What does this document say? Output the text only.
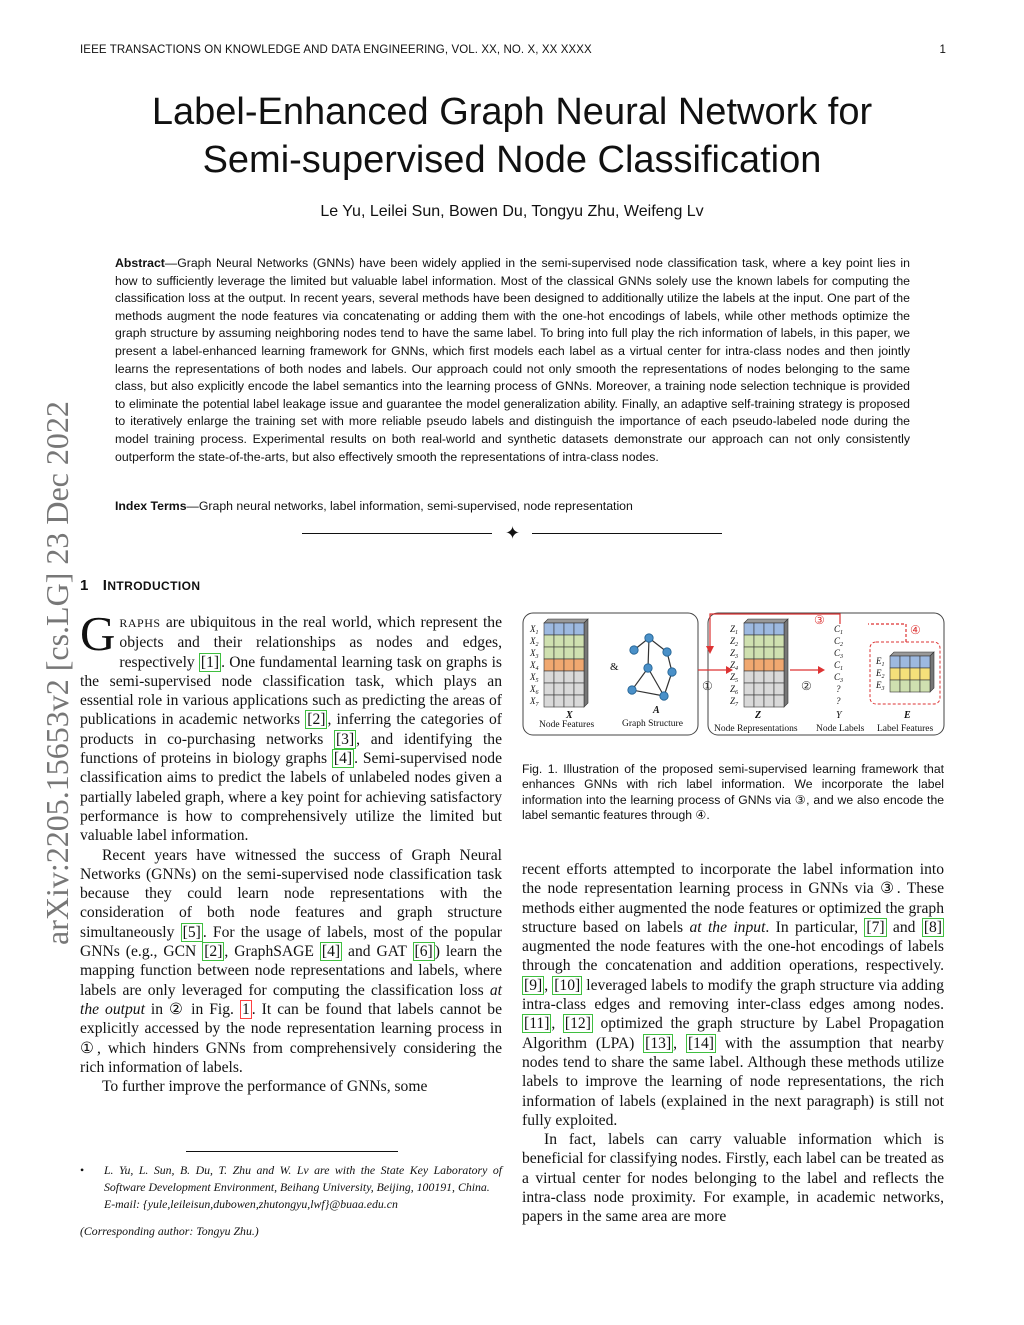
IEEE TRANSACTIONS ON KNOWLEDGE AND DATA ENGINEERING, VOL. XX, NO. X, XX XXXX	1
Label-Enhanced Graph Neural Network for
Semi-supervised Node Classification
Le Yu, Leilei Sun, Bowen Du, Tongyu Zhu, Weifeng Lv
Abstract—Graph Neural Networks (GNNs) have been widely applied in the semi-supervised node classification task, where a key point lies in how to sufficiently leverage the limited but valuable label information. Most of the classical GNNs solely use the known labels for computing the classification loss at the output. In recent years, several methods have been designed to additionally utilize the labels at the input. One part of the methods augment the node features via concatenating or adding them with the one-hot encodings of labels, while other methods optimize the graph structure by assuming neighboring nodes tend to have the same label. To bring into full play the rich information of labels, in this paper, we present a label-enhanced learning framework for GNNs, which first models each label as a virtual center for intra-class nodes and then jointly learns the representations of both nodes and labels. Our approach could not only smooth the representations of nodes belonging to the same class, but also explicitly encode the label semantics into the learning process of GNNs. Moreover, a training node selection technique is provided to eliminate the potential label leakage issue and guarantee the model generalization ability. Finally, an adaptive self-training strategy is proposed to iteratively enlarge the training set with more reliable pseudo labels and distinguish the importance of each pseudo-labeled node during the model training process. Experimental results on both real-world and synthetic datasets demonstrate our approach can not only consistently outperform the state-of-the-arts, but also effectively smooth the representations of intra-class nodes.
Index Terms—Graph neural networks, label information, semi-supervised, node representation
✦
arXiv:2205.15653v2 [cs.LG] 23 Dec 2022 1 INTRODUCTION

GRAPHS are ubiquitous in the real world, which represent the objects and their relationships as nodes and edges, respectively [1] . One fundamental learning task on graphs is the semi-supervised node classification task, which plays an essential role in various applications such as predicting the areas of publications in academic networks [2] , inferring the categories of products in co-purchasing networks [3] , and identifying the functions of proteins in biology graphs [4] . Semi-supervised node classification aims to predict the labels of unlabeled nodes given a partially labeled graph, where a key point for achieving satisfactory performance is how to comprehensively utilize the limited but valuable label information.

Recent years have witnessed the success of Graph Neural Networks (GNNs) on the semi-supervised node classification task because they could learn node representations with the consideration of both node features and graph structure simultaneously [5] . For the usage of labels, most of the popular GNNs (e.g., GCN [2] , GraphSAGE [4] and GAT [6] ) learn the mapping function between node representations and labels, where labels are only leveraged for computing the classification loss at the output in ② in Fig. 1 . It can be found that labels cannot be explicitly accessed by the node representation learning process in ①, which hinders GNNs from comprehensively considering the rich information of labels.

To further improve the performance of GNNs, some

• L. Yu, L. Sun, B. Du, T. Zhu and W. Lv are with the State Key Laboratory of Software Development Environment, Beihang University, Beijing, 100191, China.
E-mail: {yule,leileisun,dubowen,zhutongyu,lwf}@buaa.edu.cn
(Corresponding author: Tongyu Zhu.)
$X_1$
$X_2$
$X_3$
$X_4$
$X_5$
$X_6$
$X_7$
X
Node Features
&
A
Graph Structure
①
$Z_1$
$Z_2$
$Z_3$
$Z_4$
$Z_5$
$Z_6$
$Z_7$
Z
Node Representations
②
$C_1$
$C_2$
$C_3$
$C_1$
$C_3$
?
?
Y
Node Labels
③
④
$E_1$
$E_2$
$E_3$
E
Label Features
Fig. 1. Illustration of the proposed semi-supervised learning framework that enhances GNNs with rich label information. We incorporate the label information into the learning process of GNNs via ③, and we also encode the label semantic features through ④.

recent efforts attempted to incorporate the label information into the node representation learning process in GNNs via ③. These methods either augmented the node features or optimized the graph structure based on labels at the input. In particular, [7] and [8] augmented the node features with the one-hot encodings of labels through the concatenation and addition operations, respectively. [9] , [10] leveraged labels to modify the graph structure via adding intra-class edges and removing inter-class edges among nodes. [11] , [12] optimized the graph structure by Label Propagation Algorithm (LPA) [13] , [14] with the assumption that nearby nodes tend to share the same label. Although these methods utilize labels to improve the learning of node representations, the rich information of labels (explained in the next paragraph) is still not fully exploited.

In fact, labels can carry valuable information which is beneficial for classifying nodes. Firstly, each label can be treated as a virtual center for nodes belonging to the label and reflects the intra-class node proximity. For example, in academic networks, papers in the same area are more
